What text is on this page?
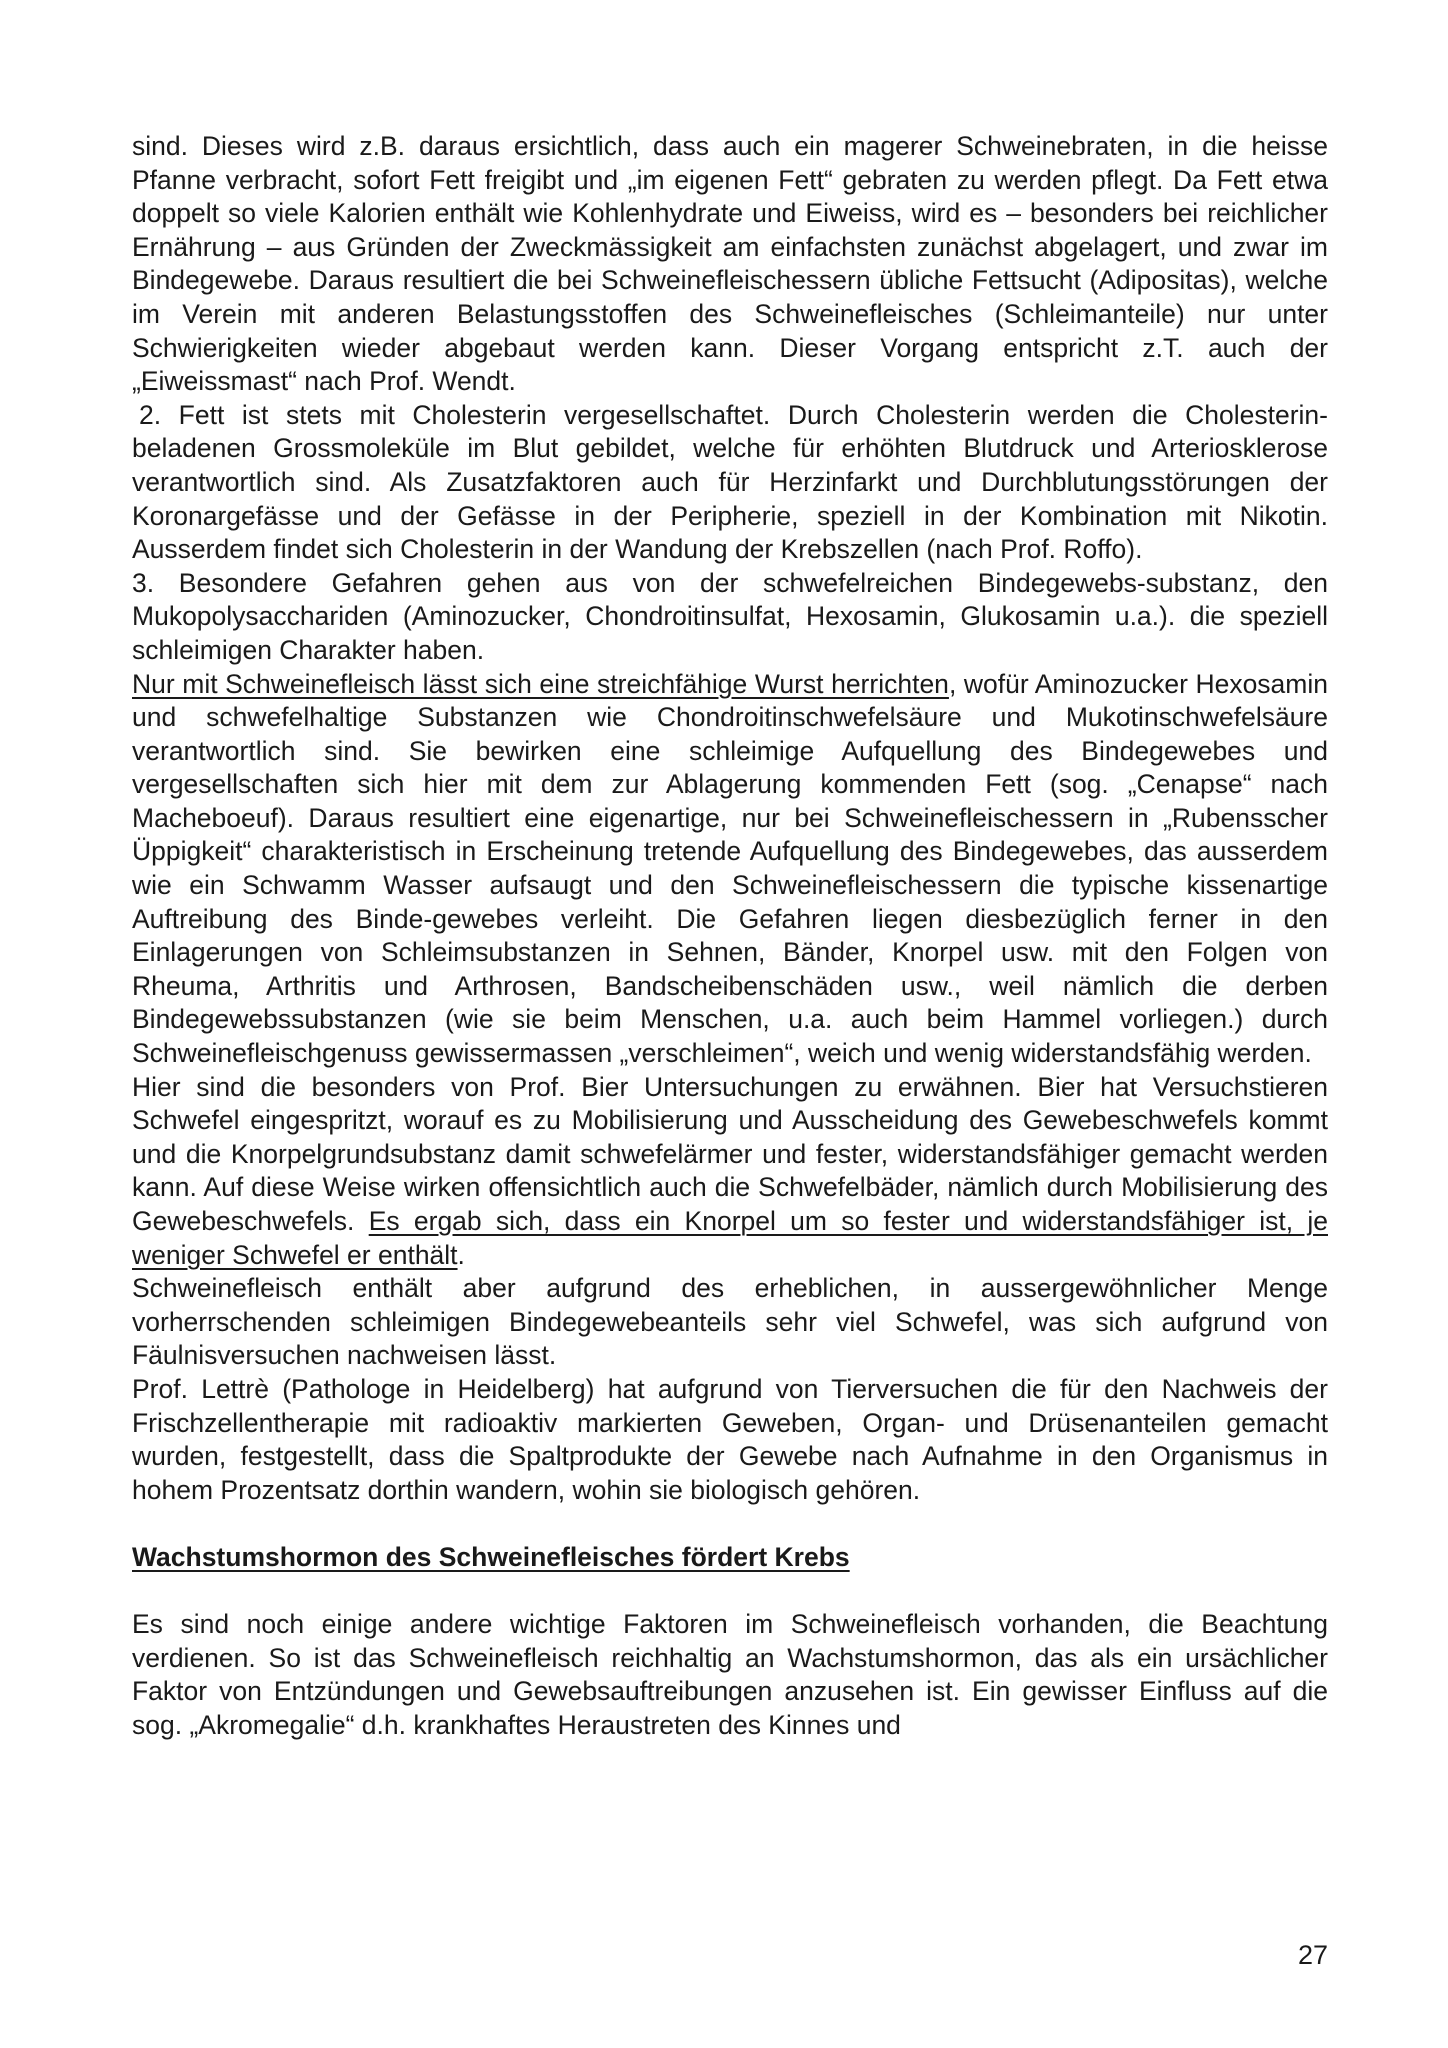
sind. Dieses wird z.B. daraus ersichtlich, dass auch ein magerer Schweinebraten, in die heisse Pfanne verbracht, sofort Fett freigibt und „im eigenen Fett“ gebraten zu werden pflegt. Da Fett etwa doppelt so viele Kalorien enthält wie Kohlenhydrate und Eiweiss, wird es – besonders bei reichlicher Ernährung – aus Gründen der Zweckmässigkeit am einfachsten zunächst abgelagert, und zwar im Bindegewebe. Daraus resultiert die bei Schweinefleischessern übliche Fettsucht (Adipositas), welche im Verein mit anderen Belastungsstoffen des Schweinefleisches (Schleimanteile) nur unter Schwierigkeiten wieder abgebaut werden kann. Dieser Vorgang entspricht z.T. auch der „Eiweissmast“ nach Prof. Wendt.

2. Fett ist stets mit Cholesterin vergesellschaftet. Durch Cholesterin werden die Cholesterin-beladenen Grossmoleküle im Blut gebildet, welche für erhöhten Blutdruck und Arteriosklerose verantwortlich sind. Als Zusatzfaktoren auch für Herzinfarkt und Durchblutungsstörungen der Koronargefässe und der Gefässe in der Peripherie, speziell in der Kombination mit Nikotin. Ausserdem findet sich Cholesterin in der Wandung der Krebszellen (nach Prof. Roffo).

3. Besondere Gefahren gehen aus von der schwefelreichen Bindegewebs-substanz, den Mukopolysacchariden (Aminozucker, Chondroitinsulfat, Hexosamin, Glukosamin u.a.). die speziell schleimigen Charakter haben.

Nur mit Schweinefleisch lässt sich eine streichfähige Wurst herrichten, wofür Aminozucker Hexosamin und schwefelhaltige Substanzen wie Chondroitinschwefelsäure und Mukotinschwefelsäure verantwortlich sind. Sie bewirken eine schleimige Aufquellung des Bindegewebes und vergesellschaften sich hier mit dem zur Ablagerung kommenden Fett (sog. „Cenapse“ nach Macheboeuf). Daraus resultiert eine eigenartige, nur bei Schweinefleischessern in „Rubensscher Üppigkeit“ charakteristisch in Erscheinung tretende Aufquellung des Bindegewebes, das ausserdem wie ein Schwamm Wasser aufsaugt und den Schweinefleischessern die typische kissenartige Auftreibung des Binde-gewebes verleiht. Die Gefahren liegen diesbezüglich ferner in den Einlagerungen von Schleimsubstanzen in Sehnen, Bänder, Knorpel usw. mit den Folgen von Rheuma, Arthritis und Arthrosen, Bandscheibenschäden usw., weil nämlich die derben Bindegewebssubstanzen (wie sie beim Menschen, u.a. auch beim Hammel vorliegen.) durch Schweinefleischgenuss gewissermassen „verschleimen“, weich und wenig widerstandsfähig werden.

Hier sind die besonders von Prof. Bier Untersuchungen zu erwähnen. Bier hat Versuchstieren Schwefel eingespritzt, worauf es zu Mobilisierung und Ausscheidung des Gewebeschwefels kommt und die Knorpelgrundsubstanz damit schwefelärmer und fester, widerstandsfähiger gemacht werden kann. Auf diese Weise wirken offensichtlich auch die Schwefelbäder, nämlich durch Mobilisierung des Gewebeschwefels. Es ergab sich, dass ein Knorpel um so fester und widerstandsfähiger ist, je weniger Schwefel er enthält.

Schweinefleisch enthält aber aufgrund des erheblichen, in aussergewöhnlicher Menge vorherrschenden schleimigen Bindegewebeanteils sehr viel Schwefel, was sich aufgrund von Fäulnisversuchen nachweisen lässt.

Prof. Lettrè (Pathologe in Heidelberg) hat aufgrund von Tierversuchen die für den Nachweis der Frischzellentherapie mit radioaktiv markierten Geweben, Organ- und Drüsenanteilen gemacht wurden, festgestellt, dass die Spaltprodukte der Gewebe nach Aufnahme in den Organismus in hohem Prozentsatz dorthin wandern, wohin sie biologisch gehören.

Wachstumshormon des Schweinefleisches fördert Krebs

Es sind noch einige andere wichtige Faktoren im Schweinefleisch vorhanden, die Beachtung verdienen. So ist das Schweinefleisch reichhaltig an Wachstumshormon, das als ein ursächlicher Faktor von Entzündungen und Gewebsauftreibungen anzusehen ist. Ein gewisser Einfluss auf die sog. „Akromegalie“ d.h. krankhaftes Heraustreten des Kinnes und

27
